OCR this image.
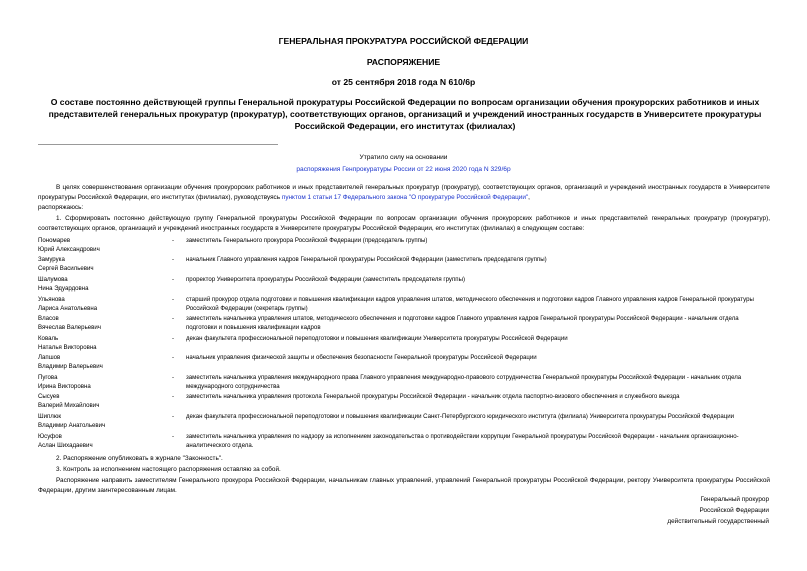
ГЕНЕРАЛЬНАЯ ПРОКУРАТУРА РОССИЙСКОЙ ФЕДЕРАЦИИ
РАСПОРЯЖЕНИЕ
от 25 сентября 2018 года N 610/6р
О составе постоянно действующей группы Генеральной прокуратуры Российской Федерации по вопросам организации обучения прокурорских работников и иных представителей генеральных прокуратур (прокуратур), соответствующих органов, организаций и учреждений иностранных государств в Университете прокуратуры Российской Федерации, его институтах (филиалах)
Утратило силу на основании
распоряжения Генпрокуратуры России от 22 июня 2020 года N 329/6р
В целях совершенствования организации обучения прокурорских работников и иных представителей генеральных прокуратур (прокуратур), соответствующих органов, организаций и учреждений иностранных государств в Университете прокуратуры Российской Федерации, его институтах (филиалах), руководствуясь пунктом 1 статьи 17 Федерального закона "О прокуратуре Российской Федерации",
распоряжаюсь:
1. Сформировать постоянно действующую группу Генеральной прокуратуры Российской Федерации по вопросам организации обучения прокурорских работников и иных представителей генеральных прокуратур (прокуратур), соответствующих органов, организаций и учреждений иностранных государств в Университете прокуратуры Российской Федерации, его институтах (филиалах) в следующем составе:
Пономарев
Юрий Александрович
-	заместитель Генерального прокурора Российской Федерации (председатель группы)
Замурука
Сергей Васильевич
-	начальник Главного управления кадров Генеральной прокуратуры Российской Федерации (заместитель председателя группы)
Шалумова
Нина Эдуардовна
-	проректор Университета прокуратуры Российской Федерации (заместитель председателя группы)
Ульянова
Лариса Анатольевна
-	старший прокурор отдела подготовки и повышения квалификации кадров управления штатов, методического обеспечения и подготовки кадров Главного управления кадров Генеральной прокуратуры Российской Федерации (секретарь группы)
Власов
Вячеслав Валерьевич
-	заместитель начальника управления штатов, методического обеспечения и подготовки кадров Главного управления кадров Генеральной прокуратуры Российской Федерации - начальник отдела подготовки и повышения квалификации кадров
Коваль
Наталья Викторовна
-	декан факультета профессиональной переподготовки и повышения квалификации Университета прокуратуры Российской Федерации
Лапшов
Владимир Валерьевич
-	начальник управления физической защиты и обеспечения безопасности Генеральной прокуратуры Российской Федерации
Пугова
Ирина Викторовна
-	заместитель начальника управления международного права Главного управления международно-правового сотрудничества Генеральной прокуратуры Российской Федерации - начальник отдела международного сотрудничества
Сысуев
Валерий Михайлович
-	заместитель начальника управления протокола Генеральной прокуратуры Российской Федерации - начальник отдела паспортно-визового обеспечения и служебного выезда
Шиплюк
Владимир Анатольевич
-	декан факультета профессиональной переподготовки и повышения квалификации Санкт-Петербургского юридического института (филиала) Университета прокуратуры Российской Федерации
Юсуфов
Аслан Шихадаевич
-	заместитель начальника управления по надзору за исполнением законодательства о противодействии коррупции Генеральной прокуратуры Российской Федерации - начальник организационно-аналитического отдела.
2. Распоряжение опубликовать в журнале "Законность".
3. Контроль за исполнением настоящего распоряжения оставляю за собой.
Распоряжение направить заместителям Генерального прокурора Российской Федерации, начальникам главных управлений, управлений Генеральной прокуратуры Российской Федерации, ректору Университета прокуратуры Российской Федерации, другим заинтересованным лицам.
Генеральный прокурор
Российской Федерации
действительный государственный
